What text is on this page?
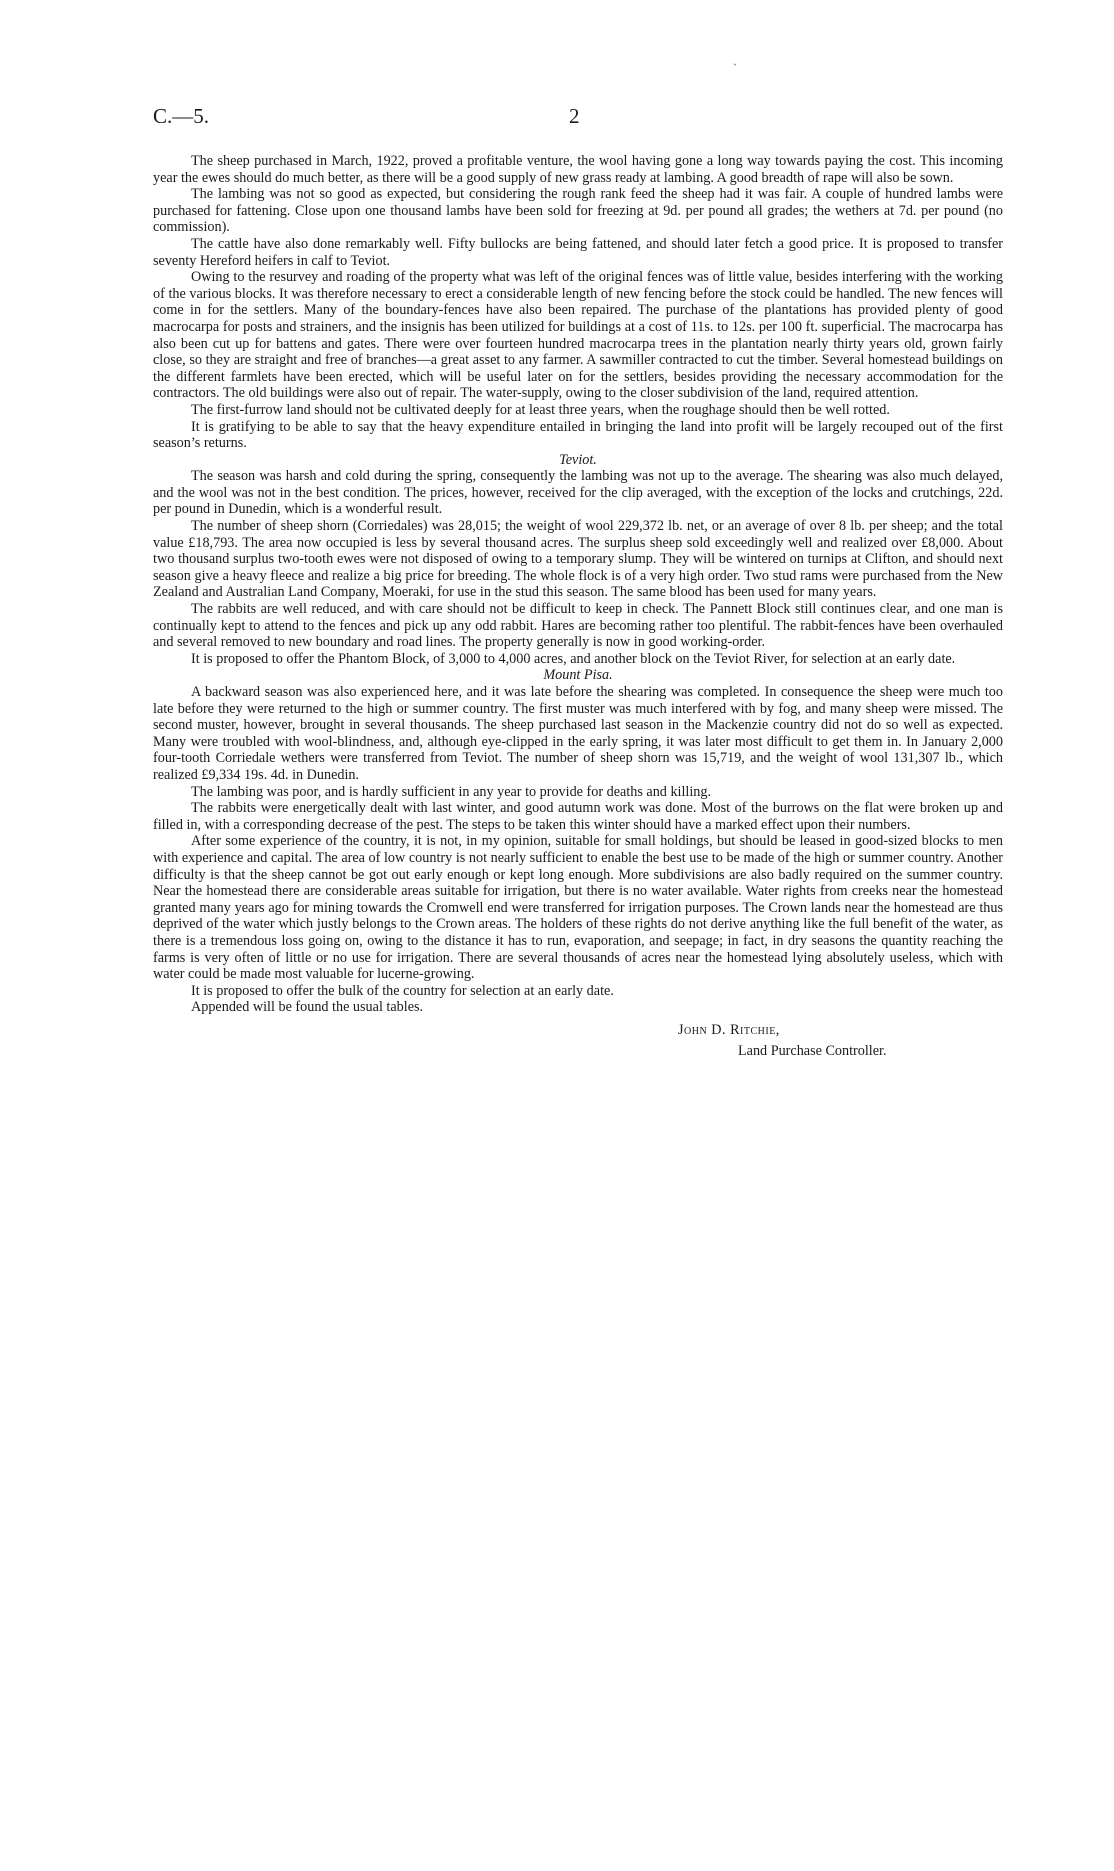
ˏ
C.—5.	2

The sheep purchased in March, 1922, proved a profitable venture, the wool having gone a long way towards paying the cost. This incoming year the ewes should do much better, as there will be a good supply of new grass ready at lambing. A good breadth of rape will also be sown.

The lambing was not so good as expected, but considering the rough rank feed the sheep had it was fair. A couple of hundred lambs were purchased for fattening. Close upon one thousand lambs have been sold for freezing at 9d. per pound all grades; the wethers at 7d. per pound (no commission).

The cattle have also done remarkably well. Fifty bullocks are being fattened, and should later fetch a good price. It is proposed to transfer seventy Hereford heifers in calf to Teviot.

Owing to the resurvey and roading of the property what was left of the original fences was of little value, besides interfering with the working of the various blocks. It was therefore necessary to erect a considerable length of new fencing before the stock could be handled. The new fences will come in for the settlers. Many of the boundary-fences have also been repaired. The purchase of the plantations has provided plenty of good macrocarpa for posts and strainers, and the insignis has been utilized for buildings at a cost of 11s. to 12s. per 100 ft. superficial. The macrocarpa has also been cut up for battens and gates. There were over fourteen hundred macrocarpa trees in the plantation nearly thirty years old, grown fairly close, so they are straight and free of branches—a great asset to any farmer. A sawmiller contracted to cut the timber. Several homestead buildings on the different farmlets have been erected, which will be useful later on for the settlers, besides providing the necessary accommodation for the contractors. The old buildings were also out of repair. The water-supply, owing to the closer subdivision of the land, required attention.

The first-furrow land should not be cultivated deeply for at least three years, when the roughage should then be well rotted.

It is gratifying to be able to say that the heavy expenditure entailed in bringing the land into profit will be largely recouped out of the first season’s returns.

Teviot.

The season was harsh and cold during the spring, consequently the lambing was not up to the average. The shearing was also much delayed, and the wool was not in the best condition. The prices, however, received for the clip averaged, with the exception of the locks and crutchings, 22d. per pound in Dunedin, which is a wonderful result.

The number of sheep shorn (Corriedales) was 28,015; the weight of wool 229,372 lb. net, or an average of over 8 lb. per sheep; and the total value £18,793. The area now occupied is less by several thousand acres. The surplus sheep sold exceedingly well and realized over £8,000. About two thousand surplus two-tooth ewes were not disposed of owing to a temporary slump. They will be wintered on turnips at Clifton, and should next season give a heavy fleece and realize a big price for breeding. The whole flock is of a very high order. Two stud rams were purchased from the New Zealand and Australian Land Company, Moeraki, for use in the stud this season. The same blood has been used for many years.

The rabbits are well reduced, and with care should not be difficult to keep in check. The Pannett Block still continues clear, and one man is continually kept to attend to the fences and pick up any odd rabbit. Hares are becoming rather too plentiful. The rabbit-fences have been overhauled and several removed to new boundary and road lines. The property generally is now in good working-order.

It is proposed to offer the Phantom Block, of 3,000 to 4,000 acres, and another block on the Teviot River, for selection at an early date.

Mount Pisa.

A backward season was also experienced here, and it was late before the shearing was completed. In consequence the sheep were much too late before they were returned to the high or summer country. The first muster was much interfered with by fog, and many sheep were missed. The second muster, however, brought in several thousands. The sheep purchased last season in the Mackenzie country did not do so well as expected. Many were troubled with wool-blindness, and, although eye-clipped in the early spring, it was later most difficult to get them in. In January 2,000 four-tooth Corriedale wethers were transferred from Teviot. The number of sheep shorn was 15,719, and the weight of wool 131,307 lb., which realized £9,334 19s. 4d. in Dunedin.

The lambing was poor, and is hardly sufficient in any year to provide for deaths and killing.

The rabbits were energetically dealt with last winter, and good autumn work was done. Most of the burrows on the flat were broken up and filled in, with a corresponding decrease of the pest. The steps to be taken this winter should have a marked effect upon their numbers.

After some experience of the country, it is not, in my opinion, suitable for small holdings, but should be leased in good-sized blocks to men with experience and capital. The area of low country is not nearly sufficient to enable the best use to be made of the high or summer country. Another difficulty is that the sheep cannot be got out early enough or kept long enough. More subdivisions are also badly required on the summer country. Near the homestead there are considerable areas suitable for irrigation, but there is no water available. Water rights from creeks near the homestead granted many years ago for mining towards the Cromwell end were transferred for irrigation purposes. The Crown lands near the homestead are thus deprived of the water which justly belongs to the Crown areas. The holders of these rights do not derive anything like the full benefit of the water, as there is a tremendous loss going on, owing to the distance it has to run, evaporation, and seepage; in fact, in dry seasons the quantity reaching the farms is very often of little or no use for irrigation. There are several thousands of acres near the homestead lying absolutely useless, which with water could be made most valuable for lucerne-growing.

It is proposed to offer the bulk of the country for selection at an early date.

Appended will be found the usual tables.

John D. Ritchie,
Land Purchase Controller.
